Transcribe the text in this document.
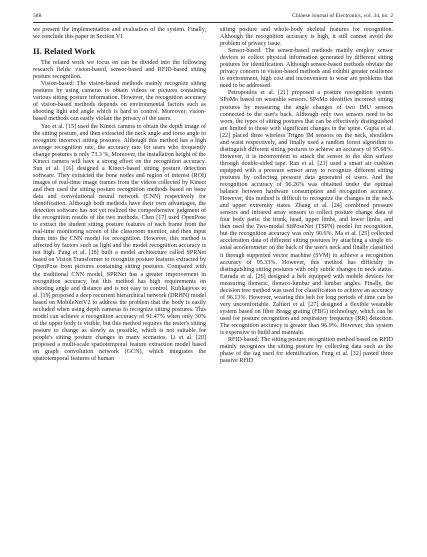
588	Chinese Journal of Electronics, vol. 34, no. 2

we present the implementation and evaluation of the system. Finally, we conclude this paper in Section VI.

II. Related Work

The related work we focus on can be divided into the following research fields: vision-based, sensor-based and RFID-based sitting posture recognition.

Vision-based: The vision-based methods mainly recognize sitting postures by using cameras to obtain videos or pictures containing various sitting posture information. However, the recognition accuracy of vision-based methods depends on environmental factors such as shooting light and angle which is hard to control. Moreover, vision-based methods can easily violate the privacy of the users.

Yao et al. [15] used the Kinect camera to obtain the depth image of the sitting posture, and then extracted the neck angle and torso angle to recognize incorrect sitting postures. Although this method has a high average recognition rate, the accuracy rate for users who frequently change postures is only 73.3 %, Moreover, the installation height of the Kinect camera will have a strong effect on the recognition accuracy. Sun et al. [16] designed a Kinect-based sitting posture detection software. They extracted the bone nodes and region of interest (ROI) images of real-time image frames from the videos collected by Kinect and then used the sitting posture recognition methods based on bone data and convolutional neural network (CNN) respectively for identification. Although both methods have their own advantages, the detection software has not yet realized the comprehensive judgment of the recognition results of the two methods. Chen [17] used OpenPose to extract the student sitting posture features of each frame from the real-time monitoring screen of the classroom monitor, and then input them into the CNN model for recognition. However, this method is affected by factors such as light and the model recognition accuracy is not high. Fang et al. [18] built a model architecture called SPRNet based on Vision Transformer to recognize posture features extracted by OpenPose from pictures containing sitting postures. Compared with the traditional CNN model, SPRNet has a greater improvement in recognition accuracy, but this method has high requirements on shooting angle and distance and is not easy to control. Kulikajevas et al. [19] proposed a deep recurrent hierarchical network (DRHN) model based on MobileNetV2 to address the problem that the body is easily occluded when using depth cameras to recognize sitting postures. This model can achieve a recognition accuracy of 91.47% when only 30% of the upper body is visible, but this method requires the tester's sitting posture to change as slowly as possible, which is not suitable for people's sitting posture changes in many scenarios. Li et al. [20] proposed a multi-scale spatiotemporal feature extraction model based on graph convolution network (GCN), which integrates the spatiotemporal features of human

sitting posture and whole-body skeletal features for recognition. Although the recognition accuracy is high, it still cannot avoid the problem of privacy issue.

Sensor-based: The sensor-based methods mainly employ sensor devices to collect physical information generated by different sitting postures for identification. Although sensor-based methods obviate the privacy concern in vision-based methods and exhibit greater resilience to environment, high cost and inconvenient to wear are problems that need to be addressed.

Petropoulos et al. [21] proposed a posture recognition system SPoMo based on wearable sensors. SPoMo identifies incorrect sitting postures by measuring the angle changes of two IMU sensors connected to the user's back. Although only two sensors need to be worn, the types of sitting postures that can be effectively distinguished are limited to those with significant changes in the spine. Gupta et al. [22] placed three wireless Trigno IM sensors on the neck, shoulders and waist respectively, and finally used a random forest algorithm to distinguish different sitting postures to achieve an accuracy of 95.68%. However, it is inconvenient to attach the sensor to the skin surface through double-sided tape. Ran et al. [23] used a smart air cushion equipped with a pressure sensor array to recognize different sitting postures by collecting pressure data generated of users. And the recognition accuracy of 96.26% was obtained under the optimal balance between hardware consumption and recognition accuracy. However, this method is difficult to recognize the changes in the neck and upper extremity states. Zhang et al. [24] combined pressure sensors and infrared array sensors to collect posture change data of four body parts: the trunk, head, upper limbs, and lower limbs, and then used the Two-modal SitPoseNet (TSPN) model for recognition, but the recognition accuracy was only 90.6%. Ma et al. [25] collected acceleration data of different sitting postures by attaching a single tri-axial accelerometer on the back of the user's neck and finally classified it through supported vector machine (SVM) to achieve a recognition accuracy of 95.33%. However, this method has difficulty in distinguishing sitting postures with only subtle changes in neck status. Estrada et al. [26] designed a belt equipped with mobile devices for measuring thoracic, thoraco-lumbar and lumbar angles. Finally, the decision tree method was used for classification to achieve an accuracy of 96.13%. However, wearing this belt for long periods of time can be very uncomfortable. Zaltieri et al. [27] designed a flexible wearable system based on fiber Bragg grating (FBG) technology, which can be used for posture recognition and respiratory frequency (RR) detection. The recognition accuracy is greater than 96.9%. However, this system is expensive to build and maintain.

RFID-based: The sitting posture recognition method based on RFID mainly recognizes the sitting posture by collecting data such as the phase of the tag used for identification. Feng et al. [32] pasted three passive RFID
